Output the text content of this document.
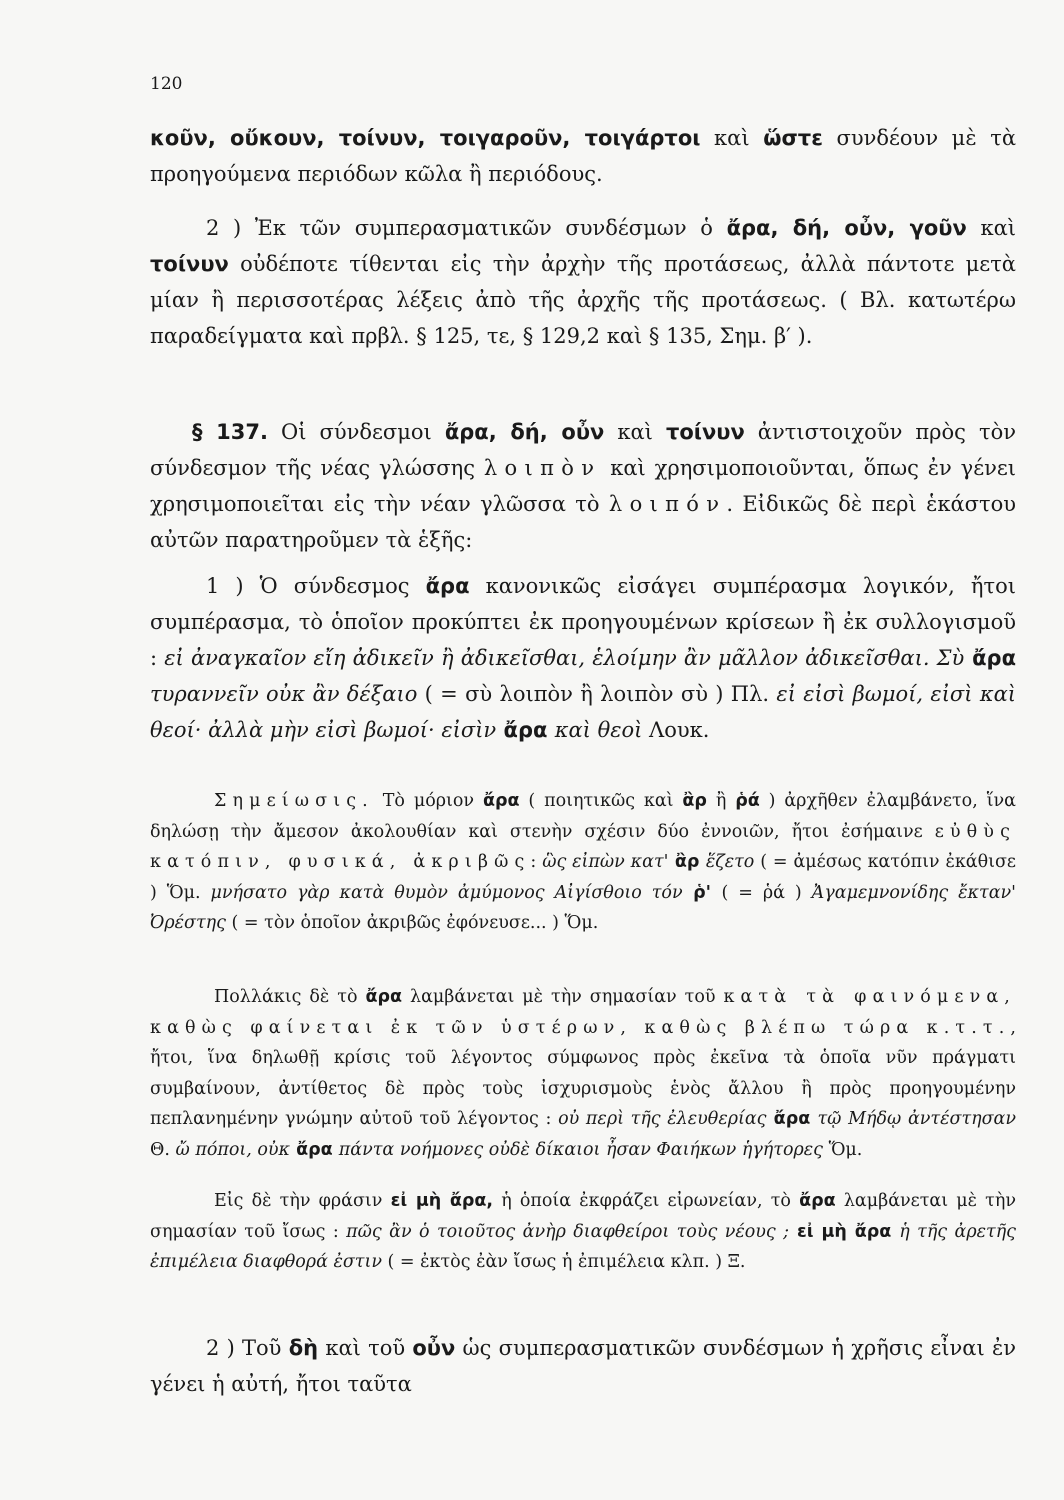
120

κοῦν, οὔκουν, τοίνυν, τοιγαροῦν, τοιγάρτοι καὶ ὥστε συνδέουν μὲ τὰ προηγούμενα περιόδων κῶλα ἢ περιόδους.

2 ) Ἐκ τῶν συμπερασματικῶν συνδέσμων ὁ ἄρα, δή, οὖν, γοῦν καὶ τοίνυν οὐδέποτε τίθενται εἰς τὴν ἀρχὴν τῆς προτάσεως, ἀλλὰ πάντοτε μετὰ μίαν ἢ περισσοτέρας λέξεις ἀπὸ τῆς ἀρχῆς τῆς προτάσεως. ( Βλ. κατωτέρω παραδείγματα καὶ πρβλ. § 125, τε, § 129,2 καὶ § 135, Σημ. β′ ).

§ 137. Οἱ σύνδεσμοι ἄρα, δή, οὖν καὶ τοίνυν ἀντιστοιχοῦν πρὸς τὸν σύνδεσμον τῆς νέας γλώσσης λοιπὸν καὶ χρησιμοποιοῦνται, ὅπως ἐν γένει χρησιμοποιεῖται εἰς τὴν νέαν γλῶσσα τὸ λοιπόν. Εἰδικῶς δὲ περὶ ἑκάστου αὐτῶν παρατηροῦμεν τὰ ἑξῆς:

1 ) Ὁ σύνδεσμος ἄρα κανονικῶς εἰσάγει συμπέρασμα λογικόν, ἤτοι συμπέρασμα, τὸ ὁποῖον προκύπτει ἐκ προηγουμένων κρίσεων ἢ ἐκ συλλογισμοῦ : εἰ ἀναγκαῖον εἴη ἀδικεῖν ἢ ἀδικεῖσθαι, ἑλοίμην ἂν μᾶλλον ἀδικεῖσθαι. Σὺ ἄρα τυραννεῖν οὐκ ἂν δέξαιο ( = σὺ λοιπὸν ἢ λοιπὸν σὺ ) Πλ. εἰ εἰσὶ βωμοί, εἰσὶ καὶ θεοί· ἀλλὰ μὴν εἰσὶ βωμοί· εἰσὶν ἄρα καὶ θεοὶ Λουκ.

Σημείωσις. Τὸ μόριον ἄρα ( ποιητικῶς καὶ ἂρ ἢ ῥά ) ἀρχῆθεν ἐλαμβάνετο, ἵνα δηλώσῃ τὴν ἄμεσον ἀκολουθίαν καὶ στενὴν σχέσιν δύο ἐννοιῶν, ἤτοι ἐσήμαινε εὐθὺς κατόπιν, φυσικά, ἀκριβῶς: ὣς εἰπὼν κατ' ἂρ ἕζετο ( = ἀμέσως κατόπιν ἐκάθισε ) Ὅμ. μνήσατο γὰρ κατὰ θυμὸν ἀμύμονος Αἰγίσθοιο τόν ῥ' ( = ῥά ) Ἀγαμεμνονίδης ἔκταν' Ὀρέστης ( = τὸν ὁποῖον ἀκριβῶς ἐφόνευσε... ) Ὅμ.

Πολλάκις δὲ τὸ ἄρα λαμβάνεται μὲ τὴν σημασίαν τοῦ κατὰ τὰ φαινόμενα, καθὼς φαίνεται ἐκ τῶν ὑστέρων, καθὼς βλέπω τώρα κ.τ.τ., ἤτοι, ἵνα δηλωθῇ κρίσις τοῦ λέγοντος σύμφωνος πρὸς ἐκεῖνα τὰ ὁποῖα νῦν πράγματι συμβαίνουν, ἀντίθετος δὲ πρὸς τοὺς ἰσχυρισμοὺς ἑνὸς ἄλλου ἢ πρὸς προηγουμένην πεπλανημένην γνώμην αὐτοῦ τοῦ λέγοντος : οὐ περὶ τῆς ἐλευθερίας ἄρα τῷ Μήδῳ ἀντέστησαν Θ. ὤ πόποι, οὐκ ἄρα πάντα νοήμονες οὐδὲ δίκαιοι ἦσαν Φαιήκων ἡγήτορες Ὅμ.

Εἰς δὲ τὴν φράσιν εἰ μὴ ἄρα, ἡ ὁποία ἐκφράζει εἰρωνείαν, τὸ ἄρα λαμβάνεται μὲ τὴν σημασίαν τοῦ ἴσως : πῶς ἂν ὁ τοιοῦτος ἀνὴρ διαφθείροι τοὺς νέους ; εἰ μὴ ἄρα ἡ τῆς ἀρετῆς ἐπιμέλεια διαφθορά ἐστιν ( = ἐκτὸς ἐὰν ἴσως ἡ ἐπιμέλεια κλπ. ) Ξ.

2 ) Τοῦ δὴ καὶ τοῦ οὖν ὡς συμπερασματικῶν συνδέσμων ἡ χρῆσις εἶναι ἐν γένει ἡ αὐτή, ἤτοι ταῦτα
